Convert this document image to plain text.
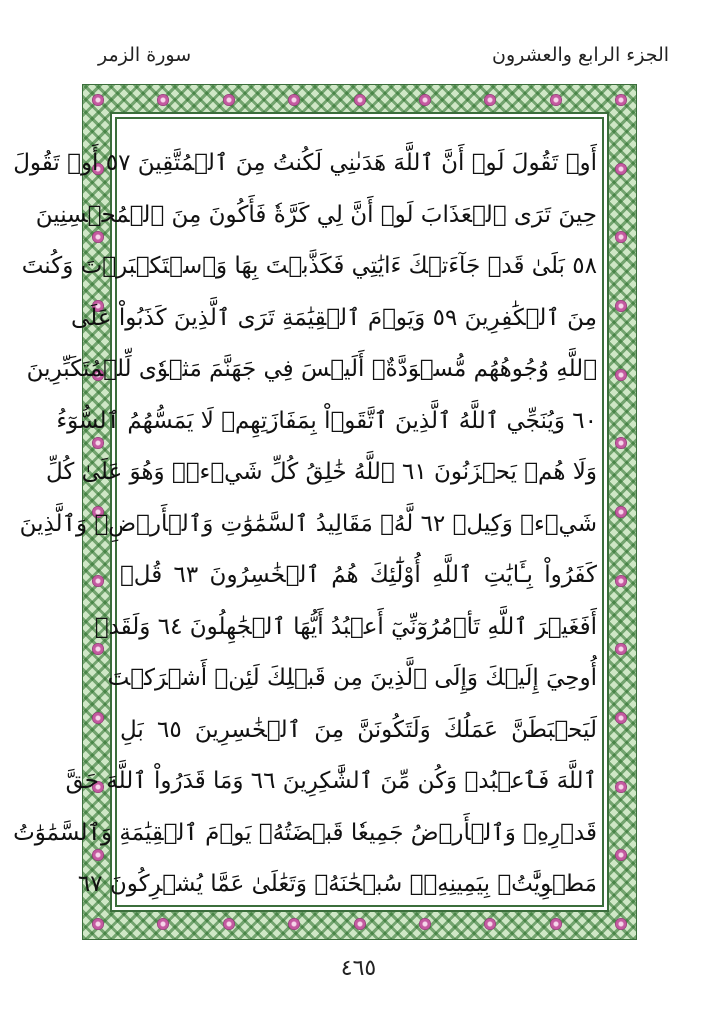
الجزء الرابع والعشرون
سورة الزمر
أَوۡ تَقُولَ لَوۡ أَنَّ ٱللَّهَ هَدَىٰنِي لَكُنتُ مِنَ ٱلۡمُتَّقِينَ ٥٧ أَوۡ تَقُولَ
حِينَ تَرَى ٱلۡعَذَابَ لَوۡ أَنَّ لِي كَرَّةٗ فَأَكُونَ مِنَ ٱلۡمُحۡسِنِينَ
٥٨ بَلَىٰ قَدۡ جَآءَتۡكَ ءَايَٰتِي فَكَذَّبۡتَ بِهَا وَٱسۡتَكۡبَرۡتَ وَكُنتَ
مِنَ ٱلۡكَٰفِرِينَ ٥٩ وَيَوۡمَ ٱلۡقِيَٰمَةِ تَرَى ٱلَّذِينَ كَذَبُواْ عَلَى
ٱللَّهِ وُجُوهُهُم مُّسۡوَدَّةٌۚ أَلَيۡسَ فِي جَهَنَّمَ مَثۡوٗى لِّلۡمُتَكَبِّرِينَ
٦٠ وَيُنَجِّي ٱللَّهُ ٱلَّذِينَ ٱتَّقَوۡاْ بِمَفَازَتِهِمۡ لَا يَمَسُّهُمُ ٱلسُّوٓءُ
وَلَا هُمۡ يَحۡزَنُونَ ٦١ ٱللَّهُ خَٰلِقُ كُلِّ شَيۡءٖۖ وَهُوَ عَلَىٰ كُلِّ
شَيۡءٖ وَكِيلٞ ٦٢ لَّهُۥ مَقَالِيدُ ٱلسَّمَٰوَٰتِ وَٱلۡأَرۡضِۗ وَٱلَّذِينَ
كَفَرُواْ بِـَٔايَٰتِ ٱللَّهِ أُوْلَٰٓئِكَ هُمُ ٱلۡخَٰسِرُونَ ٦٣ قُلۡ
أَفَغَيۡرَ ٱللَّهِ تَأۡمُرُوٓنِّيٓ أَعۡبُدُ أَيُّهَا ٱلۡجَٰهِلُونَ ٦٤ وَلَقَدۡ
أُوحِيَ إِلَيۡكَ وَإِلَى ٱلَّذِينَ مِن قَبۡلِكَ لَئِنۡ أَشۡرَكۡتَ
لَيَحۡبَطَنَّ عَمَلُكَ وَلَتَكُونَنَّ مِنَ ٱلۡخَٰسِرِينَ ٦٥ بَلِ
ٱللَّهَ فَٱعۡبُدۡ وَكُن مِّنَ ٱلشَّٰكِرِينَ ٦٦ وَمَا قَدَرُواْ ٱللَّهَ حَقَّ
قَدۡرِهِۦ وَٱلۡأَرۡضُ جَمِيعٗا قَبۡضَتُهُۥ يَوۡمَ ٱلۡقِيَٰمَةِ وَٱلسَّمَٰوَٰتُ
مَطۡوِيَّٰتُۢ بِيَمِينِهِۦۚ سُبۡحَٰنَهُۥ وَتَعَٰلَىٰ عَمَّا يُشۡرِكُونَ ٦٧
٤٦٥
